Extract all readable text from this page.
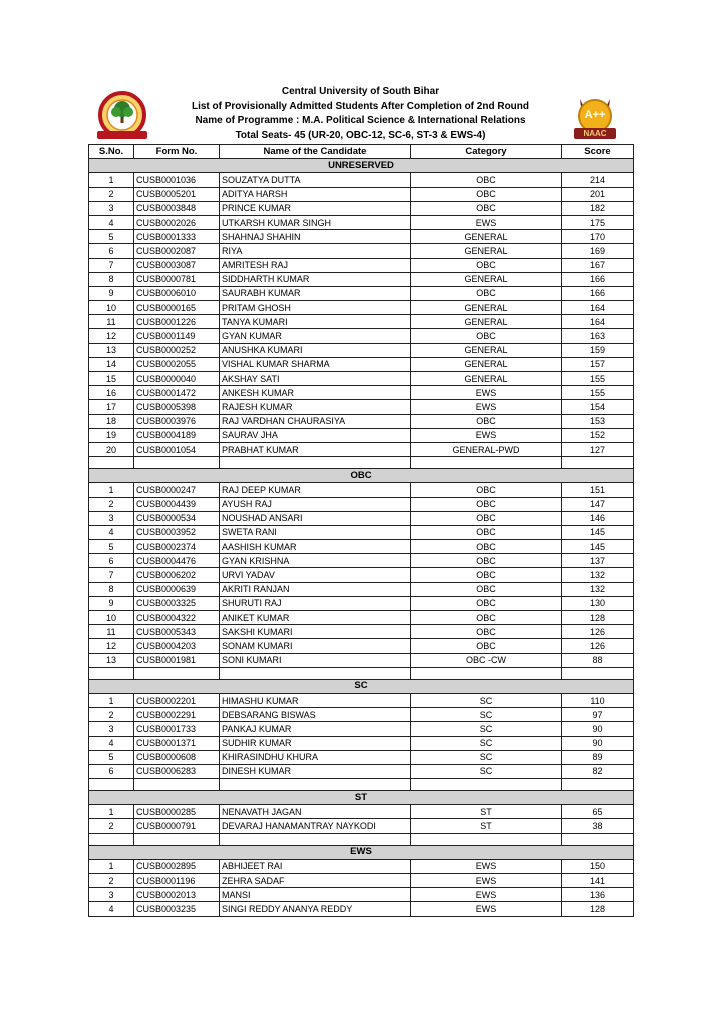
A++
NAAC
Central University of South Bihar
List of Provisionally Admitted Students After Completion of 2nd Round
Name of Programme : M.A. Political Science & International Relations
Total Seats- 45 (UR-20, OBC-12, SC-6, ST-3 & EWS-4)
S.No.	Form No.	Name of the Candidate	Category	Score
UNRESERVED				
1	CUSB0001036	SOUZATYA DUTTA	OBC	214
2	CUSB0005201	ADITYA HARSH	OBC	201
3	CUSB0003848	PRINCE KUMAR	OBC	182
4	CUSB0002026	UTKARSH KUMAR SINGH	EWS	175
5	CUSB0001333	SHAHNAJ SHAHIN	GENERAL	170
6	CUSB0002087	RIYA	GENERAL	169
7	CUSB0003087	AMRITESH RAJ	OBC	167
8	CUSB0000781	SIDDHARTH KUMAR	GENERAL	166
9	CUSB0006010	SAURABH KUMAR	OBC	166
10	CUSB0000165	PRITAM GHOSH	GENERAL	164
11	CUSB0001226	TANYA KUMARI	GENERAL	164
12	CUSB0001149	GYAN KUMAR	OBC	163
13	CUSB0000252	ANUSHKA KUMARI	GENERAL	159
14	CUSB0002055	VISHAL KUMAR SHARMA	GENERAL	157
15	CUSB0000040	AKSHAY SATI	GENERAL	155
16	CUSB0001472	ANKESH KUMAR	EWS	155
17	CUSB0005398	RAJESH KUMAR	EWS	154
18	CUSB0003976	RAJ VARDHAN CHAURASIYA	OBC	153
19	CUSB0004189	SAURAV JHA	EWS	152
20	CUSB0001054	PRABHAT KUMAR	GENERAL-PWD	127

OBC				
1	CUSB0000247	RAJ DEEP KUMAR	OBC	151
2	CUSB0004439	AYUSH RAJ	OBC	147
3	CUSB0000534	NOUSHAD ANSARI	OBC	146
4	CUSB0003952	SWETA RANI	OBC	145
5	CUSB0002374	AASHISH KUMAR	OBC	145
6	CUSB0004476	GYAN KRISHNA	OBC	137
7	CUSB0006202	URVI YADAV	OBC	132
8	CUSB0000639	AKRITI RANJAN	OBC	132
9	CUSB0003325	SHURUTI RAJ	OBC	130
10	CUSB0004322	ANIKET KUMAR	OBC	128
11	CUSB0005343	SAKSHI KUMARI	OBC	126
12	CUSB0004203	SONAM KUMARI	OBC	126
13	CUSB0001981	SONI KUMARI	OBC -CW	88

SC				
1	CUSB0002201	HIMASHU KUMAR	SC	110
2	CUSB0002291	DEBSARANG BISWAS	SC	97
3	CUSB0001733	PANKAJ KUMAR	SC	90
4	CUSB0001371	SUDHIR KUMAR	SC	90
5	CUSB0000608	KHIRASINDHU KHURA	SC	89
6	CUSB0006283	DINESH KUMAR	SC	82

ST				
1	CUSB0000285	NENAVATH JAGAN	ST	65
2	CUSB0000791	DEVARAJ HANAMANTRAY NAYKODI	ST	38

EWS				
1	CUSB0002895	ABHIJEET RAI	EWS	150
2	CUSB0001196	ZEHRA SADAF	EWS	141
3	CUSB0002013	MANSI	EWS	136
4	CUSB0003235	SINGI REDDY ANANYA REDDY	EWS	128
